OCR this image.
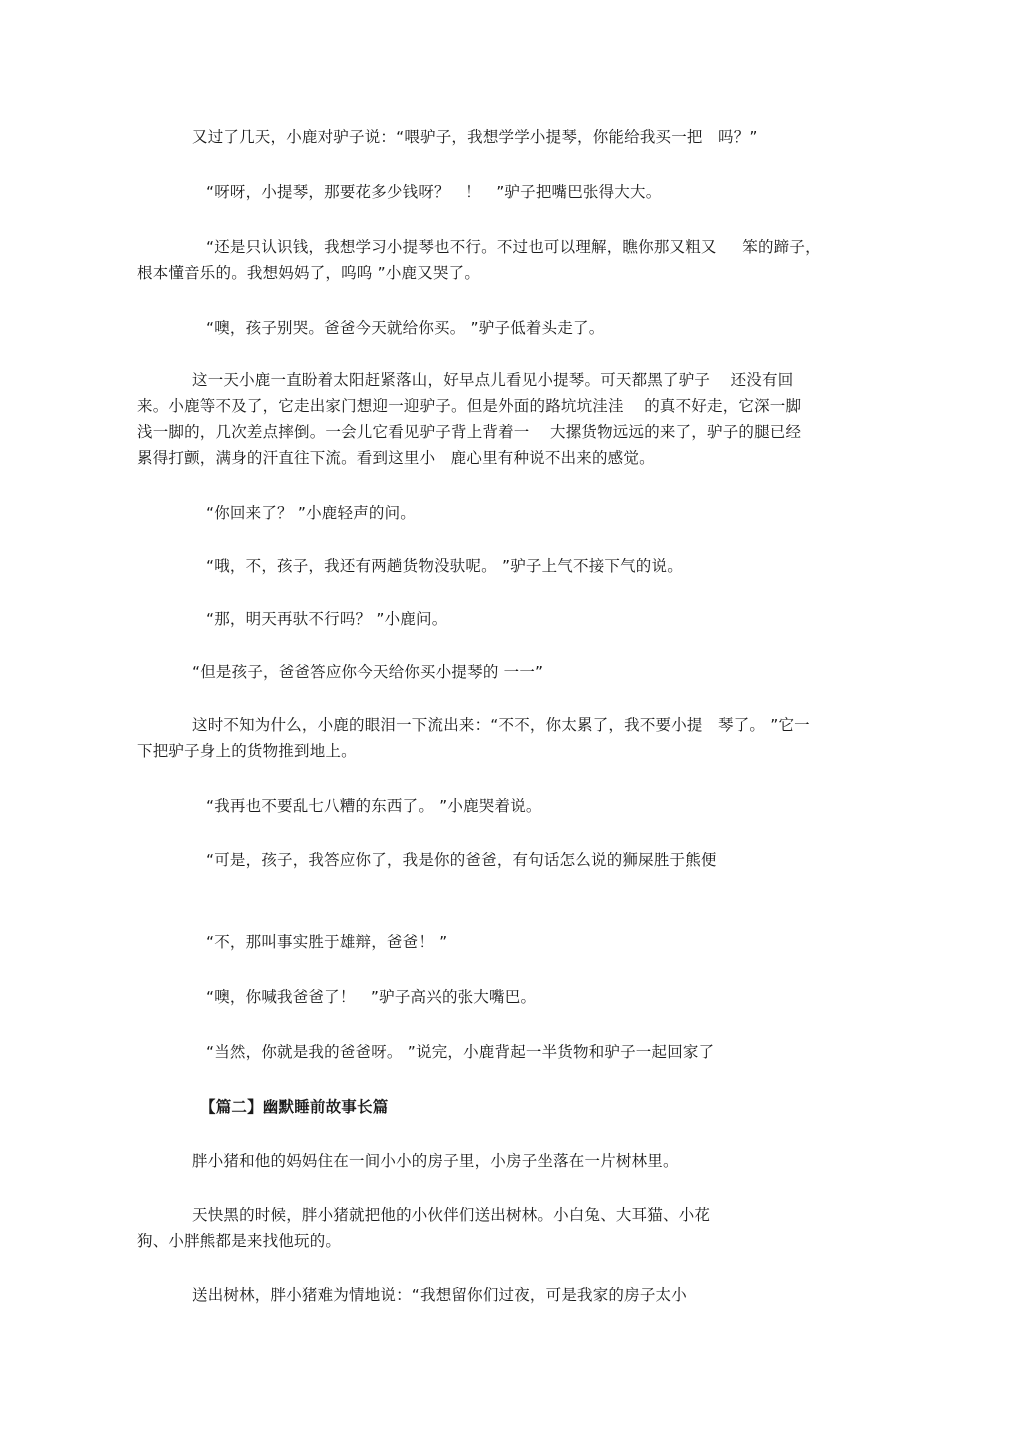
又过了几天，小鹿对驴子说：“喂驴子，我想学学小提琴，你能给我买一把   吗？”
“呀呀，小提琴，那要花多少钱呀？   ！   ”驴子把嘴巴张得大大。
“还是只认识钱，我想学习小提琴也不行。不过也可以理解，瞧你那又粗又     笨的蹄子，
根本懂音乐的。我想妈妈了，呜呜 ”小鹿又哭了。
“噢，孩子别哭。爸爸今天就给你买。 ”驴子低着头走了。
这一天小鹿一直盼着太阳赶紧落山，好早点儿看见小提琴。可天都黑了驴子    还没有回
来。小鹿等不及了，它走出家门想迎一迎驴子。但是外面的路坑坑洼洼    的真不好走，它深一脚
浅一脚的，几次差点摔倒。一会儿它看见驴子背上背着一    大摞货物远远的来了，驴子的腿已经
累得打颤，满身的汗直往下流。看到这里小   鹿心里有种说不出来的感觉。
“你回来了？ ”小鹿轻声的问。
“哦，不，孩子，我还有两趟货物没驮呢。 ”驴子上气不接下气的说。
“那，明天再驮不行吗？ ”小鹿问。
“但是孩子，爸爸答应你今天给你买小提琴的 一一”
这时不知为什么，小鹿的眼泪一下流出来：“不不，你太累了，我不要小提   琴了。 ”它一
下把驴子身上的货物推到地上。
“我再也不要乱七八糟的东西了。 ”小鹿哭着说。
“可是，孩子，我答应你了，我是你的爸爸，有句话怎么说的狮屎胜于熊便
“不，那叫事实胜于雄辩，爸爸！ ”
“噢，你喊我爸爸了！   ”驴子高兴的张大嘴巴。
“当然，你就是我的爸爸呀。 ”说完，小鹿背起一半货物和驴子一起回家了
【篇二】幽默睡前故事长篇
胖小猪和他的妈妈住在一间小小的房子里，小房子坐落在一片树林里。
天快黑的时候，胖小猪就把他的小伙伴们送出树林。小白兔、大耳猫、小花
狗、小胖熊都是来找他玩的。
送出树林，胖小猪难为情地说：“我想留你们过夜，可是我家的房子太小
